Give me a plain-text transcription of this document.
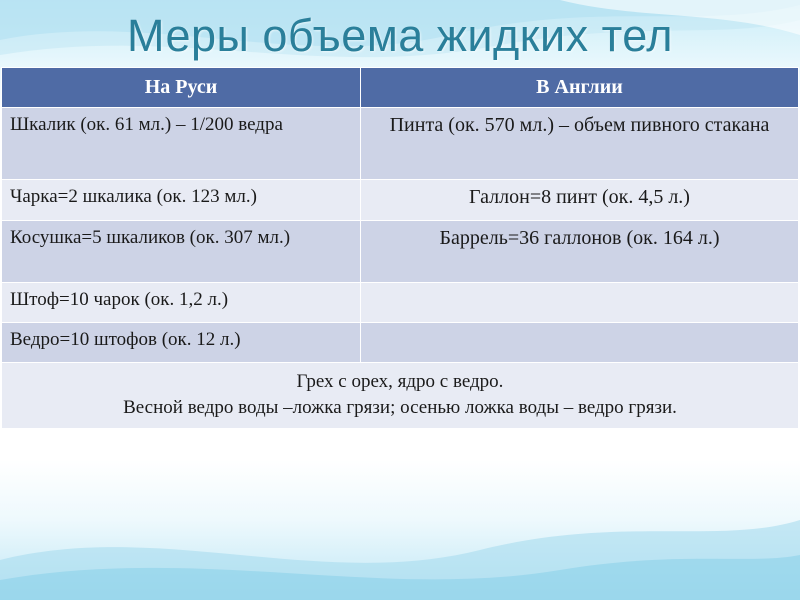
Меры объема жидких тел
На Руси	В Англии
Шкалик (ок. 61 мл.) – 1/200 ведра	Пинта (ок. 570 мл.) – объем пивного стакана
Чарка=2 шкалика (ок. 123 мл.)	Галлон=8 пинт (ок. 4,5 л.)
Косушка=5 шкаликов (ок. 307 мл.)	Баррель=36 галлонов (ок. 164 л.)
Штоф=10 чарок (ок. 1,2 л.)	
Ведро=10 штофов (ок. 12 л.)	

Грех с орех, ядро с ведро.
Весной ведро воды –ложка грязи; осенью ложка воды – ведро грязи.	
